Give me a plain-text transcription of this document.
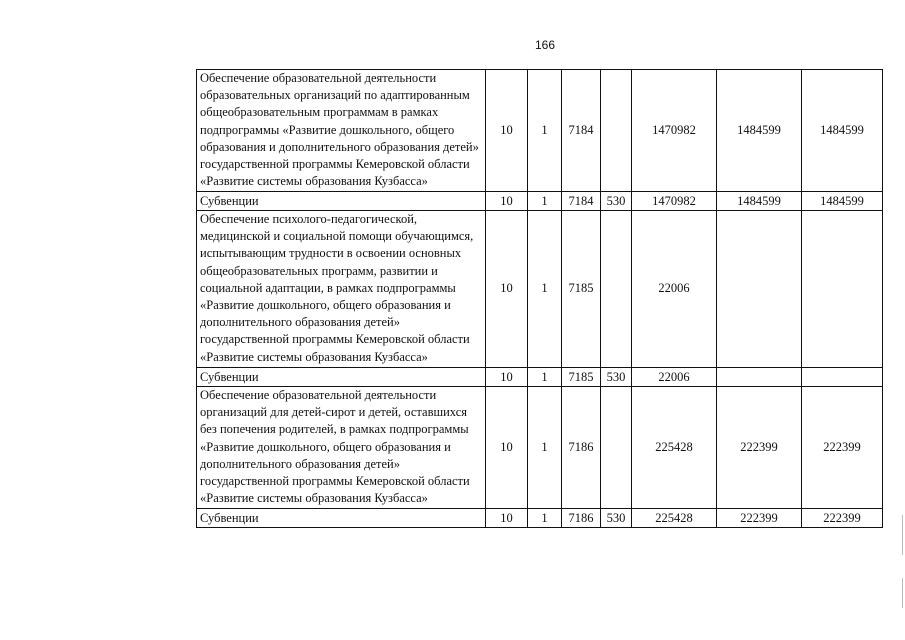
166
Обеспечение образовательной деятельности образовательных организаций по адаптированным общеобразовательным программам в рамках подпрограммы «Развитие дошкольного, общего образования и дополнительного образования детей» государственной программы Кемеровской области «Развитие системы образования Кузбасса»	10	1	7184		1470982	1484599	1484599
Субвенции	10	1	7184	530	1470982	1484599	1484599
Обеспечение психолого-педагогической, медицинской и социальной помощи обучающимся, испытывающим трудности в освоении основных общеобразовательных программ, развитии и социальной адаптации, в рамках подпрограммы «Развитие дошкольного, общего образования и дополнительного образования детей» государственной программы Кемеровской области «Развитие системы образования Кузбасса»	10	1	7185		22006		
Субвенции	10	1	7185	530	22006		
Обеспечение образовательной деятельности организаций для детей-сирот и детей, оставшихся без попечения родителей, в рамках подпрограммы «Развитие дошкольного, общего образования и дополнительного образования детей» государственной программы Кемеровской области «Развитие системы образования Кузбасса»	10	1	7186		225428	222399	222399
Субвенции	10	1	7186	530	225428	222399	222399
